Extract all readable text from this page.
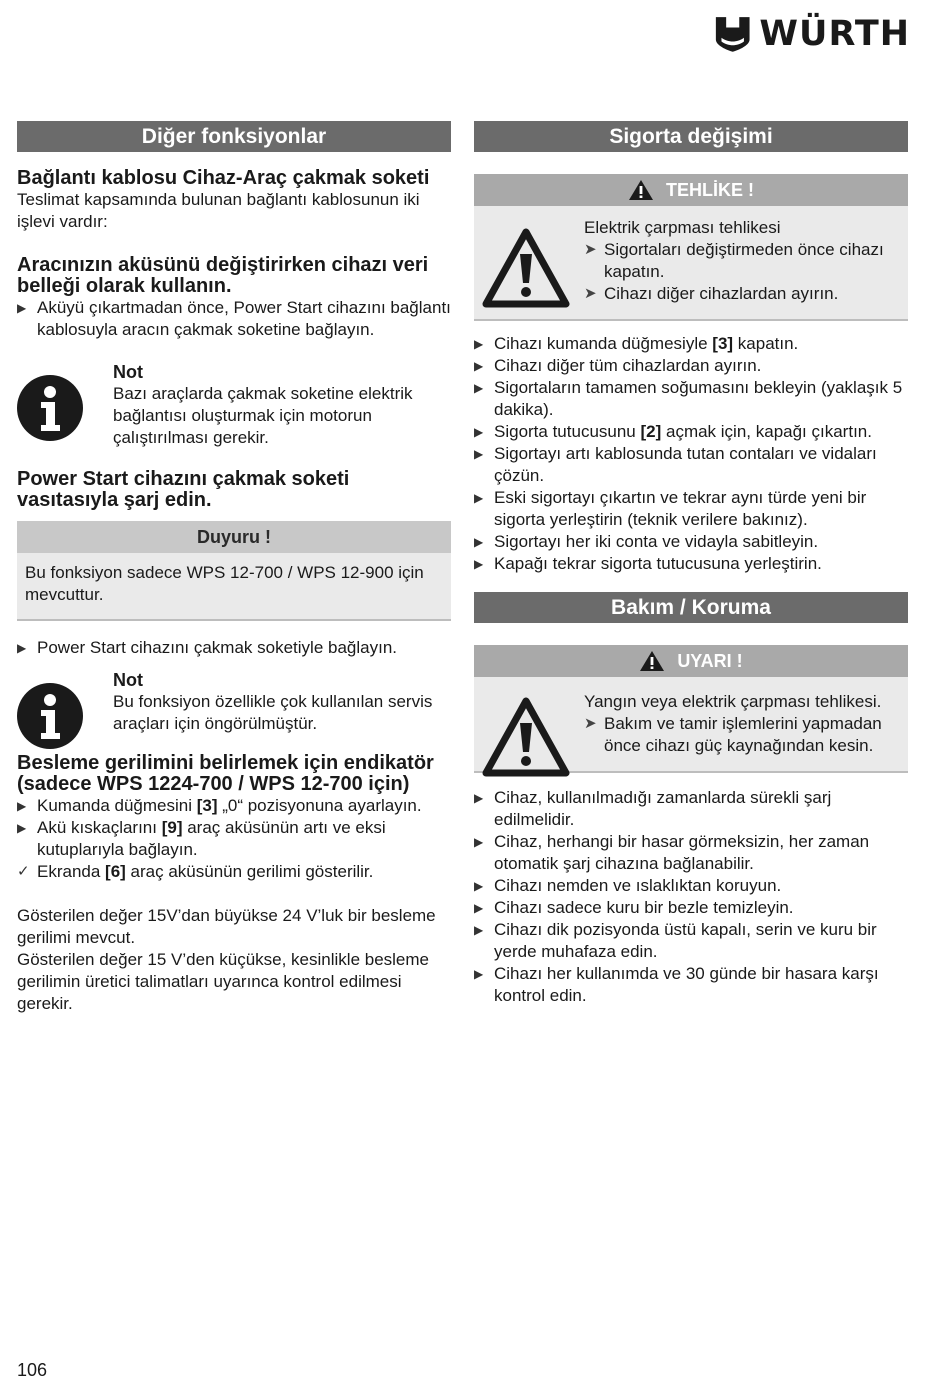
WÜRTH
Diğer fonksiyonlar
Bağlantı kablosu Cihaz-Araç çakmak soketi
Teslimat kapsamında bulunan bağlantı kablosunun iki işlevi vardır:
Aracınızın aküsünü değiştirirken cihazı veri belleği olarak kullanın.
▶ Aküyü çıkartmadan önce, Power Start cihazını bağlantı kablosuyla aracın çakmak soketine bağlayın.
Not
Bazı araçlarda çakmak soketine elektrik bağlantısı oluşturmak için motorun çalıştırılması gerekir.
Power Start cihazını çakmak soketi vasıtasıyla şarj edin.
Duyuru !
Bu fonksiyon sadece WPS 12-700 / WPS 12-900 için mevcuttur.
▶ Power Start cihazını çakmak soketiyle bağlayın.
Not
Bu fonksiyon özellikle çok kullanılan servis araçları için öngörülmüştür.
Besleme gerilimini belirlemek için endikatör (sadece WPS 1224-700 / WPS 12-700 için)
▶ Kumanda düğmesini [3] „0“ pozisyonuna ayarlayın.
▶ Akü kıskaçlarını [9] araç aküsünün artı ve eksi kutuplarıyla bağlayın.
✓ Ekranda [6] araç aküsünün gerilimi gösterilir.
Gösterilen değer 15V’dan büyükse 24 V’luk bir besleme gerilimi mevcut.
Gösterilen değer 15 V’den küçükse, kesinlikle besleme gerilimin üretici talimatları uyarınca kontrol edilmesi gerekir.
Sigorta değişimi
TEHLİKE !
Elektrik çarpması tehlikesi
➤ Sigortaları değiştirmeden önce cihazı kapatın.
➤ Cihazı diğer cihazlardan ayırın.
▶ Cihazı kumanda düğmesiyle [3] kapatın.
▶ Cihazı diğer tüm cihazlardan ayırın.
▶ Sigortaların tamamen soğumasını bekleyin (yaklaşık 5 dakika).
▶ Sigorta tutucusunu [2] açmak için, kapağı çıkartın.
▶ Sigortayı artı kablosunda tutan contaları ve vidaları çözün.
▶ Eski sigortayı çıkartın ve tekrar aynı türde yeni bir sigorta yerleştirin (teknik verilere bakınız).
▶ Sigortayı her iki conta ve vidayla sabitleyin.
▶ Kapağı tekrar sigorta tutucusuna yerleştirin.
Bakım / Koruma
UYARI !
Yangın veya elektrik çarpması tehlikesi.
➤ Bakım ve tamir işlemlerini yapmadan önce cihazı güç kaynağından kesin.
▶ Cihaz, kullanılmadığı zamanlarda sürekli şarj edilmelidir.
▶ Cihaz, herhangi bir hasar görmeksizin, her zaman otomatik şarj cihazına bağlanabilir.
▶ Cihazı nemden ve ıslaklıktan koruyun.
▶ Cihazı sadece kuru bir bezle temizleyin.
▶ Cihazı dik pozisyonda üstü kapalı, serin ve kuru bir yerde muhafaza edin.
▶ Cihazı her kullanımda ve 30 günde bir hasara karşı kontrol edin.
106
